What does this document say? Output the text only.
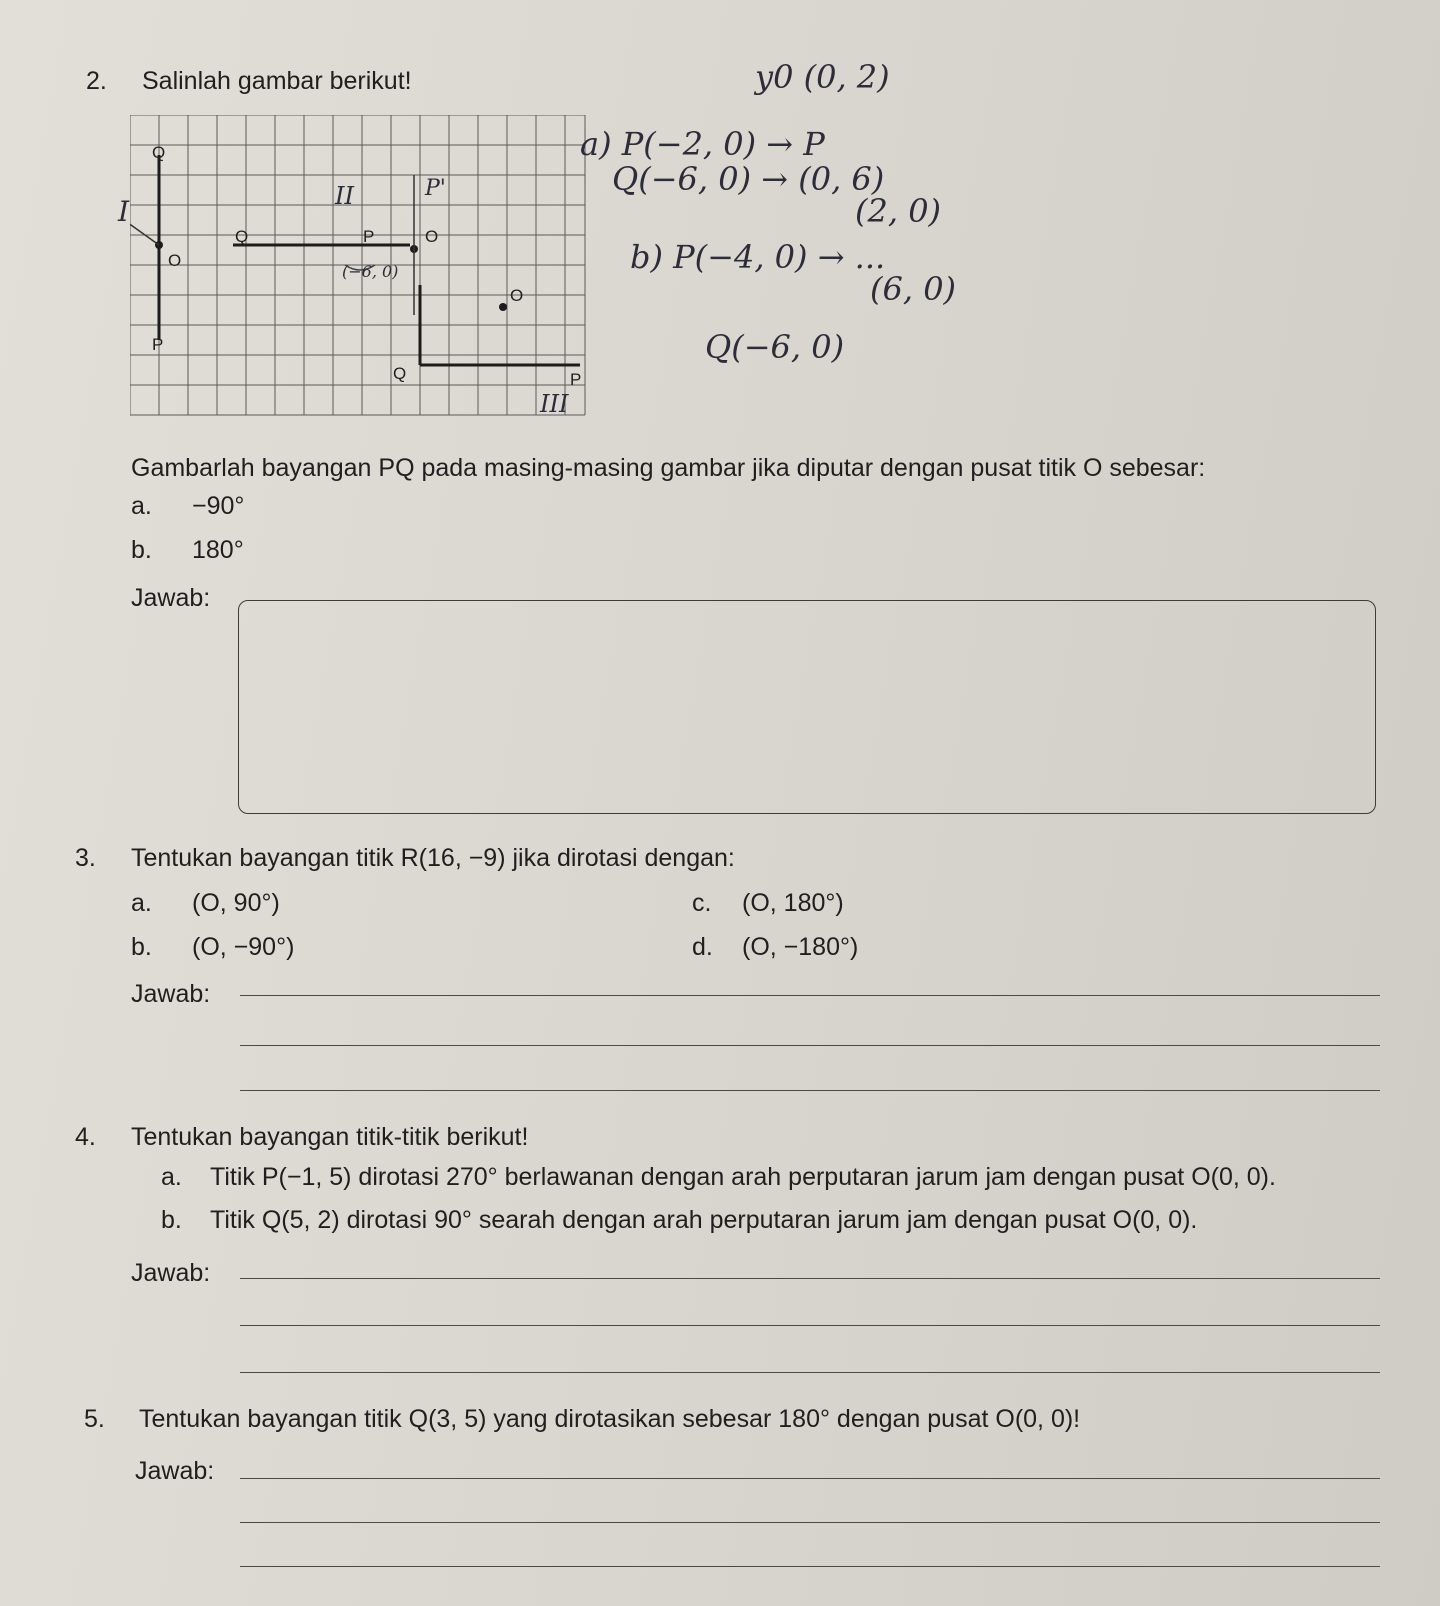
2. Salinlah gambar berikut!
Q
O
P
Q	P	O
O
Q	P
y0 (0, 2)
a) P(−2, 0) → P
Q(−6, 0) → (0, 6)
(2, 0)
b) P(−4, 0) → ...
(6, 0)
Q(−6, 0)
I	II	P'
III
(−6, 0)
Gambarlah bayangan PQ pada masing-masing gambar jika diputar dengan pusat titik O sebesar:
a. −90°
b. 180°
Jawab:
3. Tentukan bayangan titik R(16, −9) jika dirotasi dengan:
a. (O, 90°)
b. (O, −90°)
c. (O, 180°)
d. (O, −180°)
Jawab:
4. Tentukan bayangan titik-titik berikut!
a. Titik P(−1, 5) dirotasi 270° berlawanan dengan arah perputaran jarum jam dengan pusat O(0, 0).
b. Titik Q(5, 2) dirotasi 90° searah dengan arah perputaran jarum jam dengan pusat O(0, 0).
Jawab:
5. Tentukan bayangan titik Q(3, 5) yang dirotasikan sebesar 180° dengan pusat O(0, 0)!
Jawab:
